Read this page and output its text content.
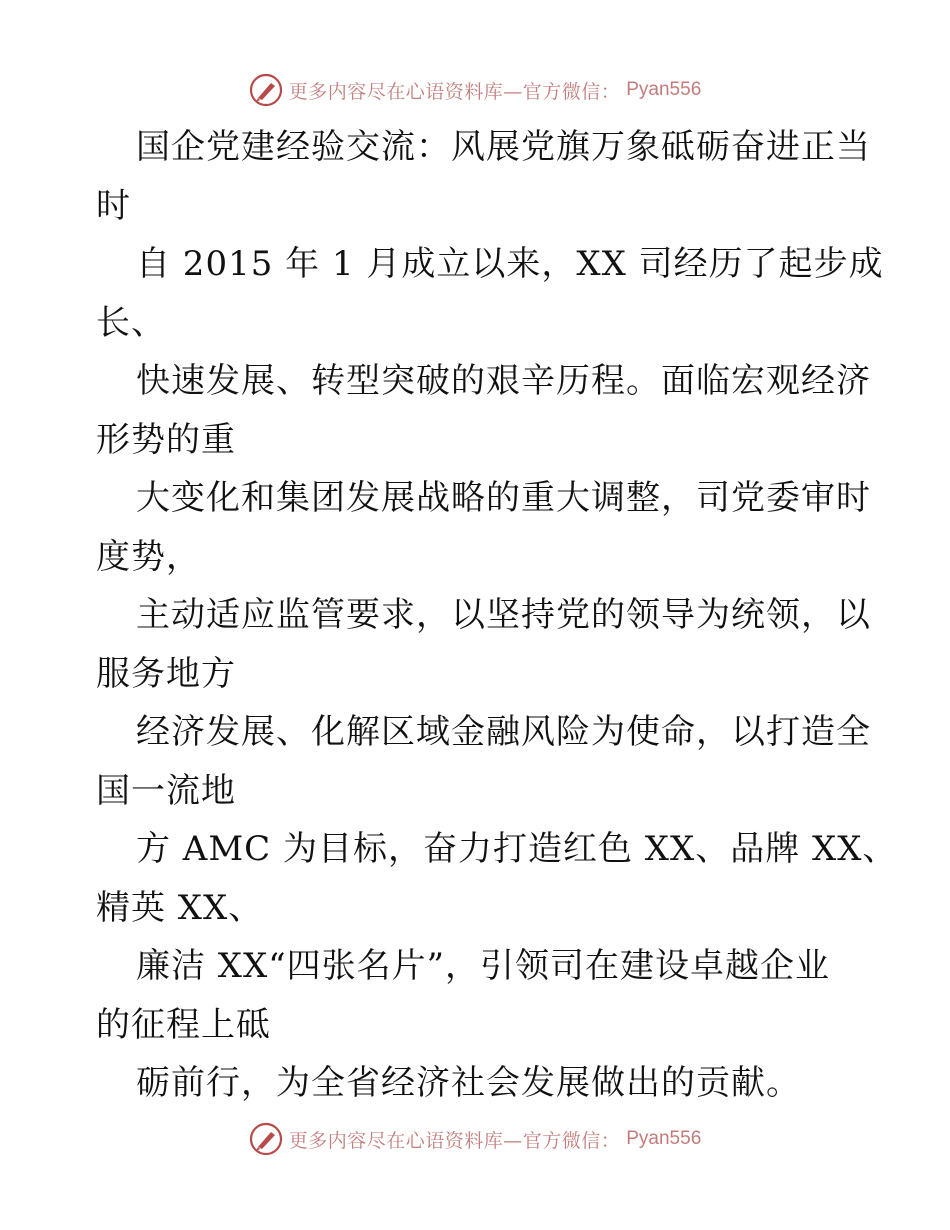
更多内容尽在心语资料库—官方微信： Pyan556
国企党建经验交流：风展党旗万象砥砺奋进正当
时
自 2015 年 1 月成立以来，XX 司经历了起步成
长、
快速发展、转型突破的艰辛历程。面临宏观经济
形势的重
大变化和集团发展战略的重大调整，司党委审时
度势，
主动适应监管要求，以坚持党的领导为统领，以
服务地方
经济发展、化解区域金融风险为使命，以打造全
国一流地
方 AMC 为目标，奋力打造红色 XX、品牌 XX、
精英 XX、
廉洁 XX“四张名片”，引领司在建设卓越企业
的征程上砥
砺前行，为全省经济社会发展做出的贡献。
更多内容尽在心语资料库—官方微信： Pyan556
